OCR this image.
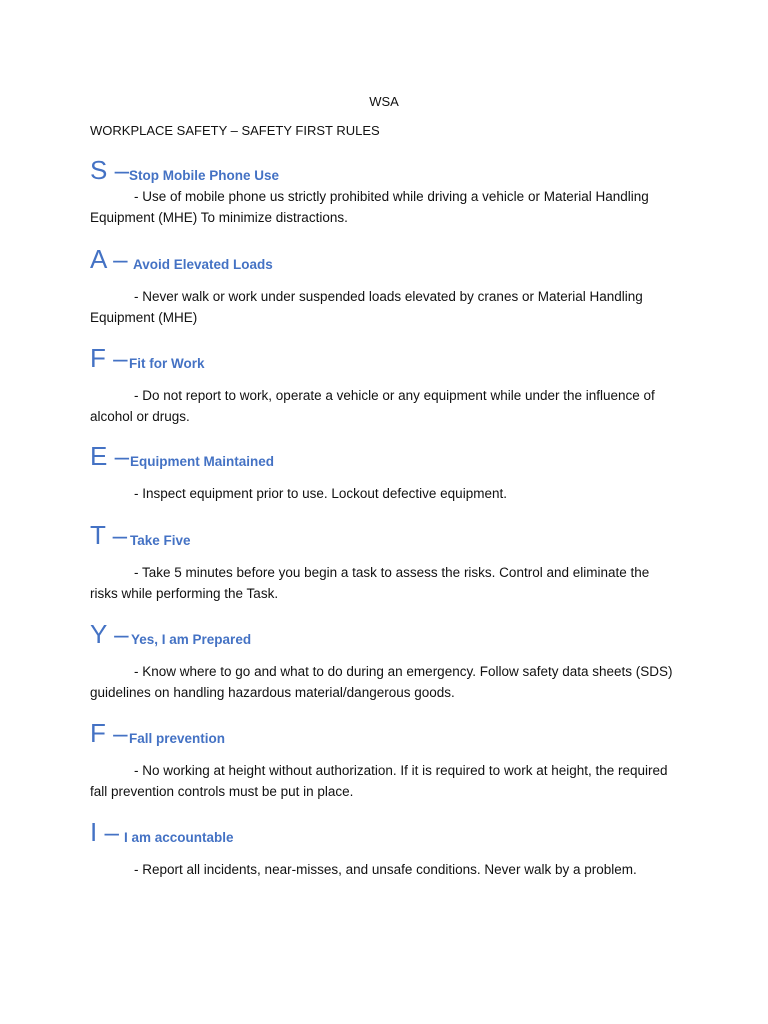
WSA
WORKPLACE SAFETY – SAFETY FIRST RULES
S – Stop Mobile Phone Use

- Use of mobile phone us strictly prohibited while driving a vehicle or Material Handling Equipment (MHE) To minimize distractions.

A – Avoid Elevated Loads

- Never walk or work under suspended loads elevated by cranes or Material Handling Equipment (MHE)

F – Fit for Work

- Do not report to work, operate a vehicle or any equipment while under the influence of alcohol or drugs.

E – Equipment Maintained

- Inspect equipment prior to use. Lockout defective equipment.

T – Take Five

- Take 5 minutes before you begin a task to assess the risks. Control and eliminate the risks while performing the Task.

Y – Yes, I am Prepared

- Know where to go and what to do during an emergency. Follow safety data sheets (SDS) guidelines on handling hazardous material/dangerous goods.

F – Fall prevention

- No working at height without authorization. If it is required to work at height, the required fall prevention controls must be put in place.

I – I am accountable

- Report all incidents, near-misses, and unsafe conditions. Never walk by a problem.
